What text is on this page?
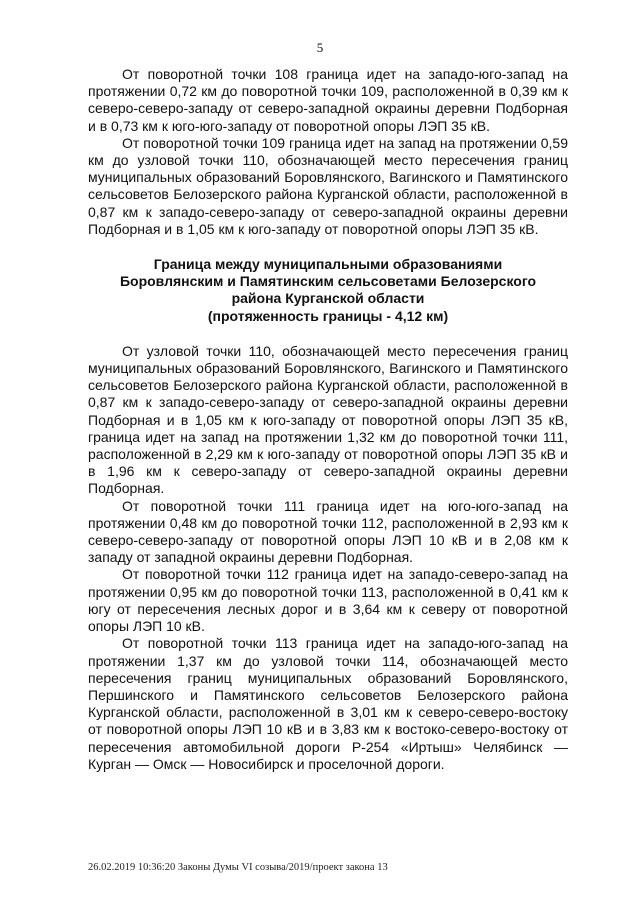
5

От поворотной точки 108 граница идет на западо-юго-запад на протяжении 0,72 км до поворотной точки 109, расположенной в 0,39 км к северо-северо-западу от северо-западной окраины деревни Подборная и в 0,73 км к юго-юго-западу от поворотной опоры ЛЭП 35 кВ.

От поворотной точки 109 граница идет на запад на протяжении 0,59 км до узловой точки 110, обозначающей место пересечения границ муниципальных образований Боровлянского, Вагинского и Памятинского сельсоветов Белозерского района Курганской области, расположенной в 0,87 км к западо-северо-западу от северо-западной окраины деревни Подборная и в 1,05 км к юго-западу от поворотной опоры ЛЭП 35 кВ.

Граница между муниципальными образованиями
Боровлянским и Памятинским сельсоветами Белозерского
района Курганской области
(протяженность границы - 4,12 км)

От узловой точки 110, обозначающей место пересечения границ муниципальных образований Боровлянского, Вагинского и Памятинского сельсоветов Белозерского района Курганской области, расположенной в 0,87 км к западо-северо-западу от северо-западной окраины деревни Подборная и в 1,05 км к юго-западу от поворотной опоры ЛЭП 35 кВ, граница идет на запад на протяжении 1,32 км до поворотной точки 111, расположенной в 2,29 км к юго-западу от поворотной опоры ЛЭП 35 кВ и в 1,96 км к северо-западу от северо-западной окраины деревни Подборная.

От поворотной точки 111 граница идет на юго-юго-запад на протяжении 0,48 км до поворотной точки 112, расположенной в 2,93 км к северо-северо-западу от поворотной опоры ЛЭП 10 кВ и в 2,08 км к западу от западной окраины деревни Подборная.

От поворотной точки 112 граница идет на западо-северо-запад на протяжении 0,95 км до поворотной точки 113, расположенной в 0,41 км к югу от пересечения лесных дорог и в 3,64 км к северу от поворотной опоры ЛЭП 10 кВ.

От поворотной точки 113 граница идет на западо-юго-запад на протяжении 1,37 км до узловой точки 114, обозначающей место пересечения границ муниципальных образований Боровлянского, Першинского и Памятинского сельсоветов Белозерского района Курганской области, расположенной в 3,01 км к северо-северо-востоку от поворотной опоры ЛЭП 10 кВ и в 3,83 км к востоко-северо-востоку от пересечения автомобильной дороги Р-254 «Иртыш» Челябинск — Курган — Омск — Новосибирск и проселочной дороги.

26.02.2019 10:36:20 Законы Думы VI созыва/2019/проект закона 13
